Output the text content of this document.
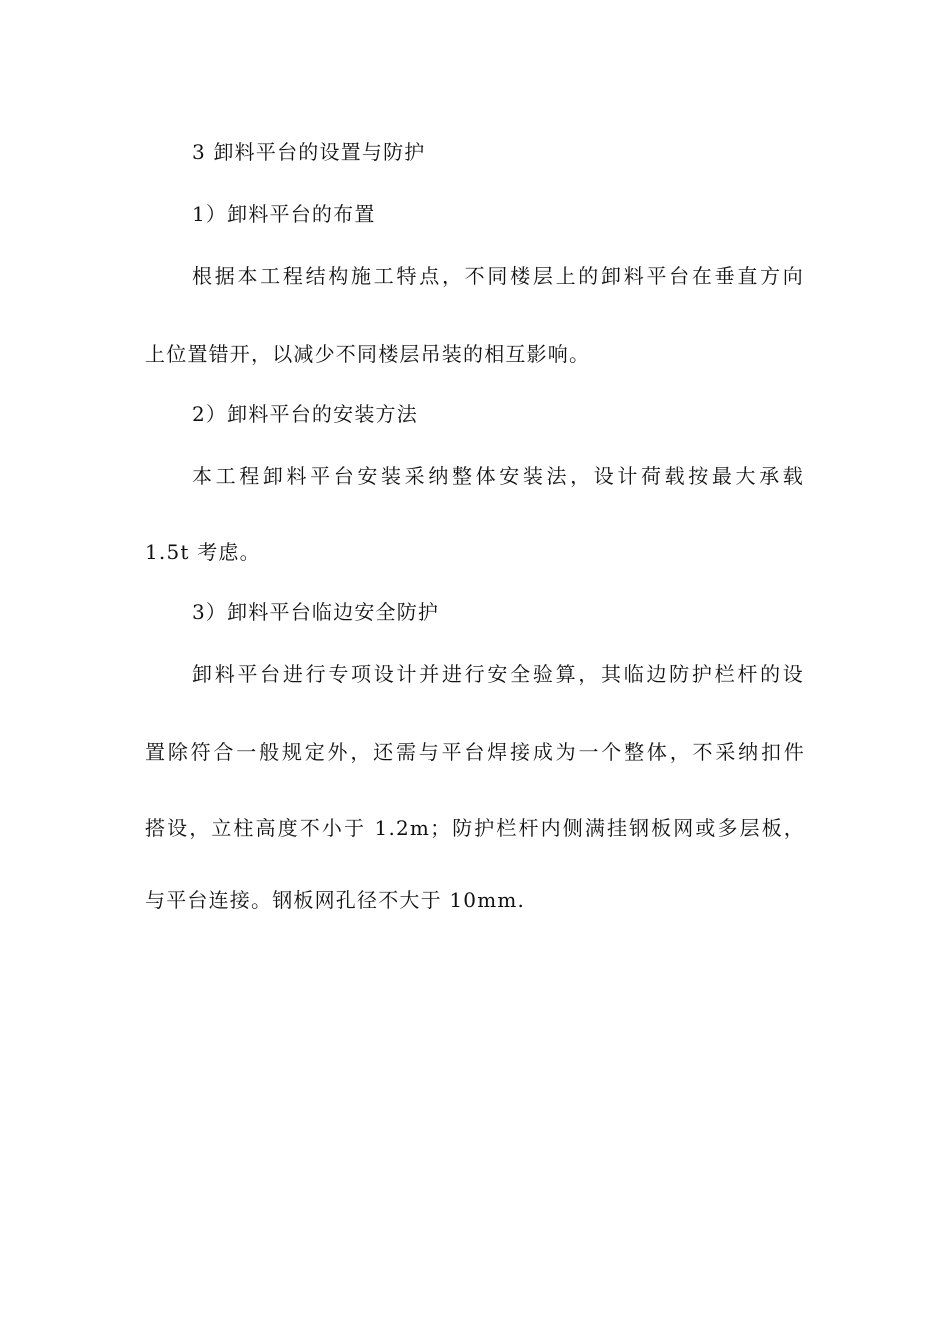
3 卸料平台的设置与防护
1）卸料平台的布置
根据本工程结构施工特点，不同楼层上的卸料平台在垂直方向
上位置错开，以减少不同楼层吊装的相互影响。
2）卸料平台的安装方法
本工程卸料平台安装采纳整体安装法，设计荷载按最大承载
1.5t 考虑。
3）卸料平台临边安全防护
卸料平台进行专项设计并进行安全验算，其临边防护栏杆的设
置除符合一般规定外，还需与平台焊接成为一个整体，不采纳扣件
搭设，立柱高度不小于 1.2m；防护栏杆内侧满挂钢板网或多层板，
与平台连接。钢板网孔径不大于 10mm.
